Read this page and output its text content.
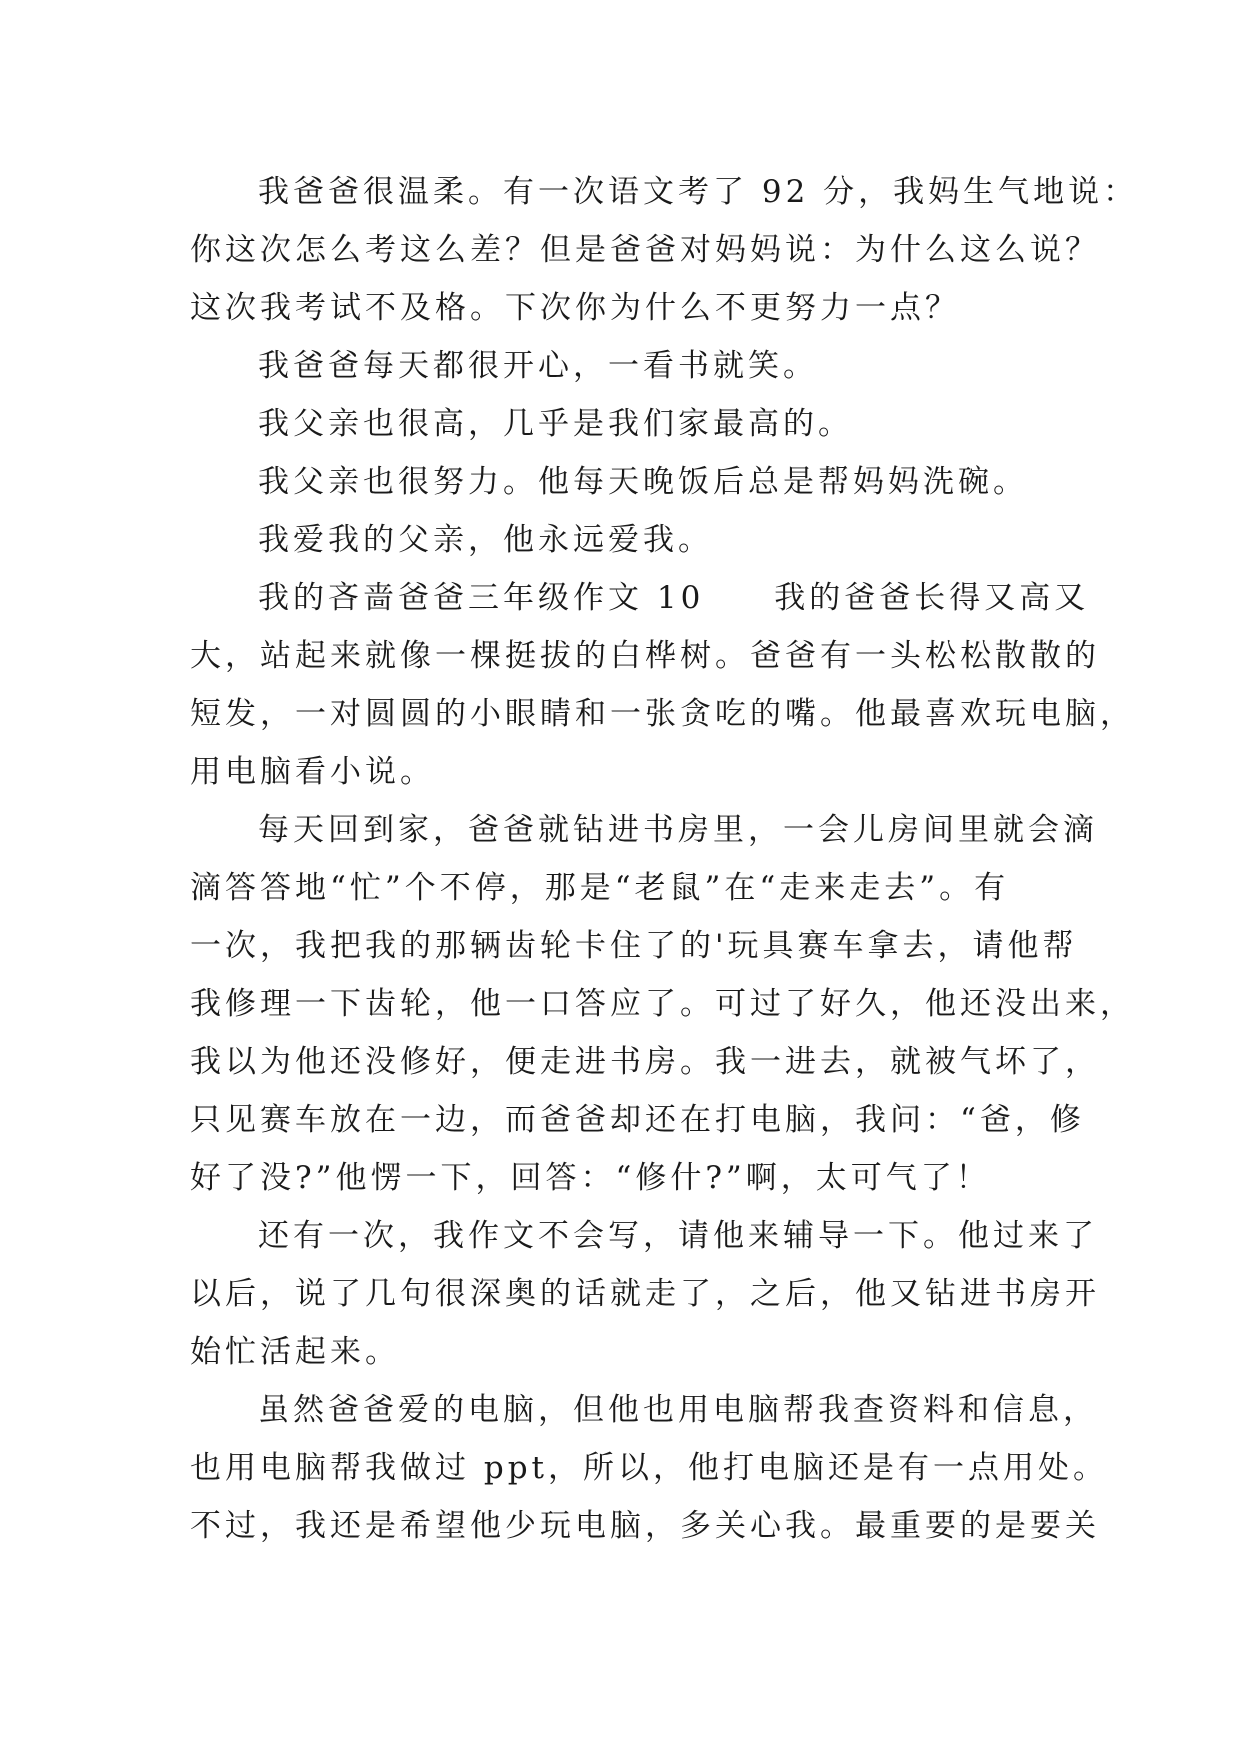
我爸爸很温柔。有一次语文考了 92 分，我妈生气地说：
你这次怎么考这么差？但是爸爸对妈妈说：为什么这么说？
这次我考试不及格。下次你为什么不更努力一点？
我爸爸每天都很开心，一看书就笑。
我父亲也很高，几乎是我们家最高的。
我父亲也很努力。他每天晚饭后总是帮妈妈洗碗。
我爱我的父亲，他永远爱我。
我的吝啬爸爸三年级作文 10　　我的爸爸长得又高又
大，站起来就像一棵挺拔的白桦树。爸爸有一头松松散散的
短发，一对圆圆的小眼睛和一张贪吃的嘴。他最喜欢玩电脑，
用电脑看小说。
每天回到家，爸爸就钻进书房里，一会儿房间里就会滴
滴答答地“忙”个不停，那是“老鼠”在“走来走去”。有
一次，我把我的那辆齿轮卡住了的'玩具赛车拿去，请他帮
我修理一下齿轮，他一口答应了。可过了好久，他还没出来，
我以为他还没修好，便走进书房。我一进去，就被气坏了，
只见赛车放在一边，而爸爸却还在打电脑，我问：“爸，修
好了没?”他愣一下，回答：“修什?”啊，太可气了！
还有一次，我作文不会写，请他来辅导一下。他过来了
以后，说了几句很深奥的话就走了，之后，他又钻进书房开
始忙活起来。
虽然爸爸爱的电脑，但他也用电脑帮我查资料和信息，
也用电脑帮我做过 ppt，所以，他打电脑还是有一点用处。
不过，我还是希望他少玩电脑，多关心我。最重要的是要关
